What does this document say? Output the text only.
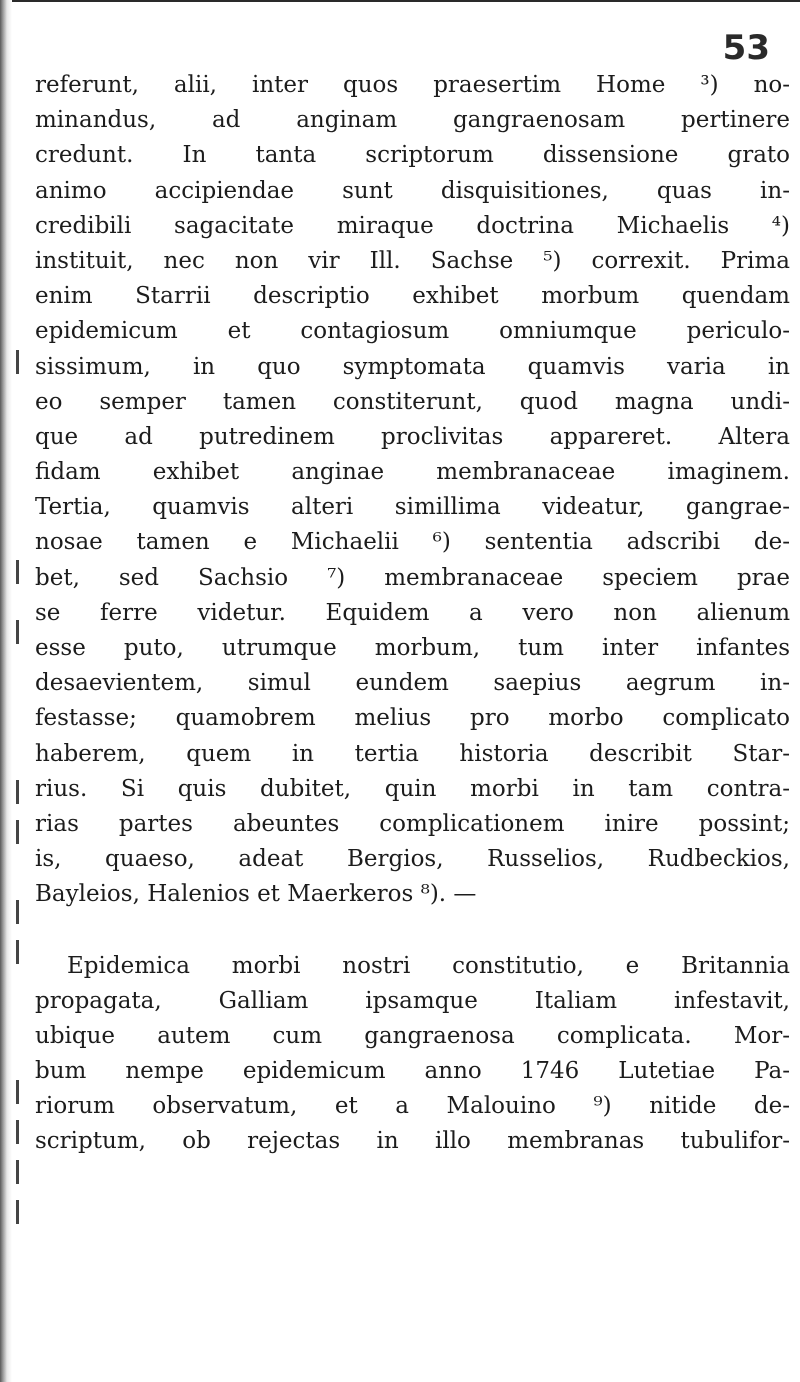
53
referunt, alii, inter quos praesertim Home ³) no-
minandus, ad anginam gangraenosam pertinere
credunt. In tanta scriptorum dissensione grato
animo accipiendae sunt disquisitiones, quas in-
credibili sagacitate miraque doctrina Michaelis ⁴)
instituit, nec non vir Ill. Sachse ⁵) correxit. Prima
enim Starrii descriptio exhibet morbum quendam
epidemicum et contagiosum omniumque periculo-
sissimum, in quo symptomata quamvis varia in
eo semper tamen constiterunt, quod magna undi-
que ad putredinem proclivitas appareret. Altera
fidam exhibet anginae membranaceae imaginem.
Tertia, quamvis alteri simillima videatur, gangrae-
nosae tamen e Michaelii ⁶) sententia adscribi de-
bet, sed Sachsio ⁷) membranaceae speciem prae
se ferre videtur. Equidem a vero non alienum
esse puto, utrumque morbum, tum inter infantes
desaevientem, simul eundem saepius aegrum in-
festasse; quamobrem melius pro morbo complicato
haberem, quem in tertia historia describit Star-
rius. Si quis dubitet, quin morbi in tam contra-
rias partes abeuntes complicationem inire possint;
is, quaeso, adeat Bergios, Russelios, Rudbeckios,
Bayleios, Halenios et Maerkeros ⁸). —
Epidemica morbi nostri constitutio, e Britannia
propagata, Galliam ipsamque Italiam infestavit,
ubique autem cum gangraenosa complicata. Mor-
bum nempe epidemicum anno 1746 Lutetiae Pa-
riorum observatum, et a Malouino ⁹) nitide de-
scriptum, ob rejectas in illo membranas tubulifor-
